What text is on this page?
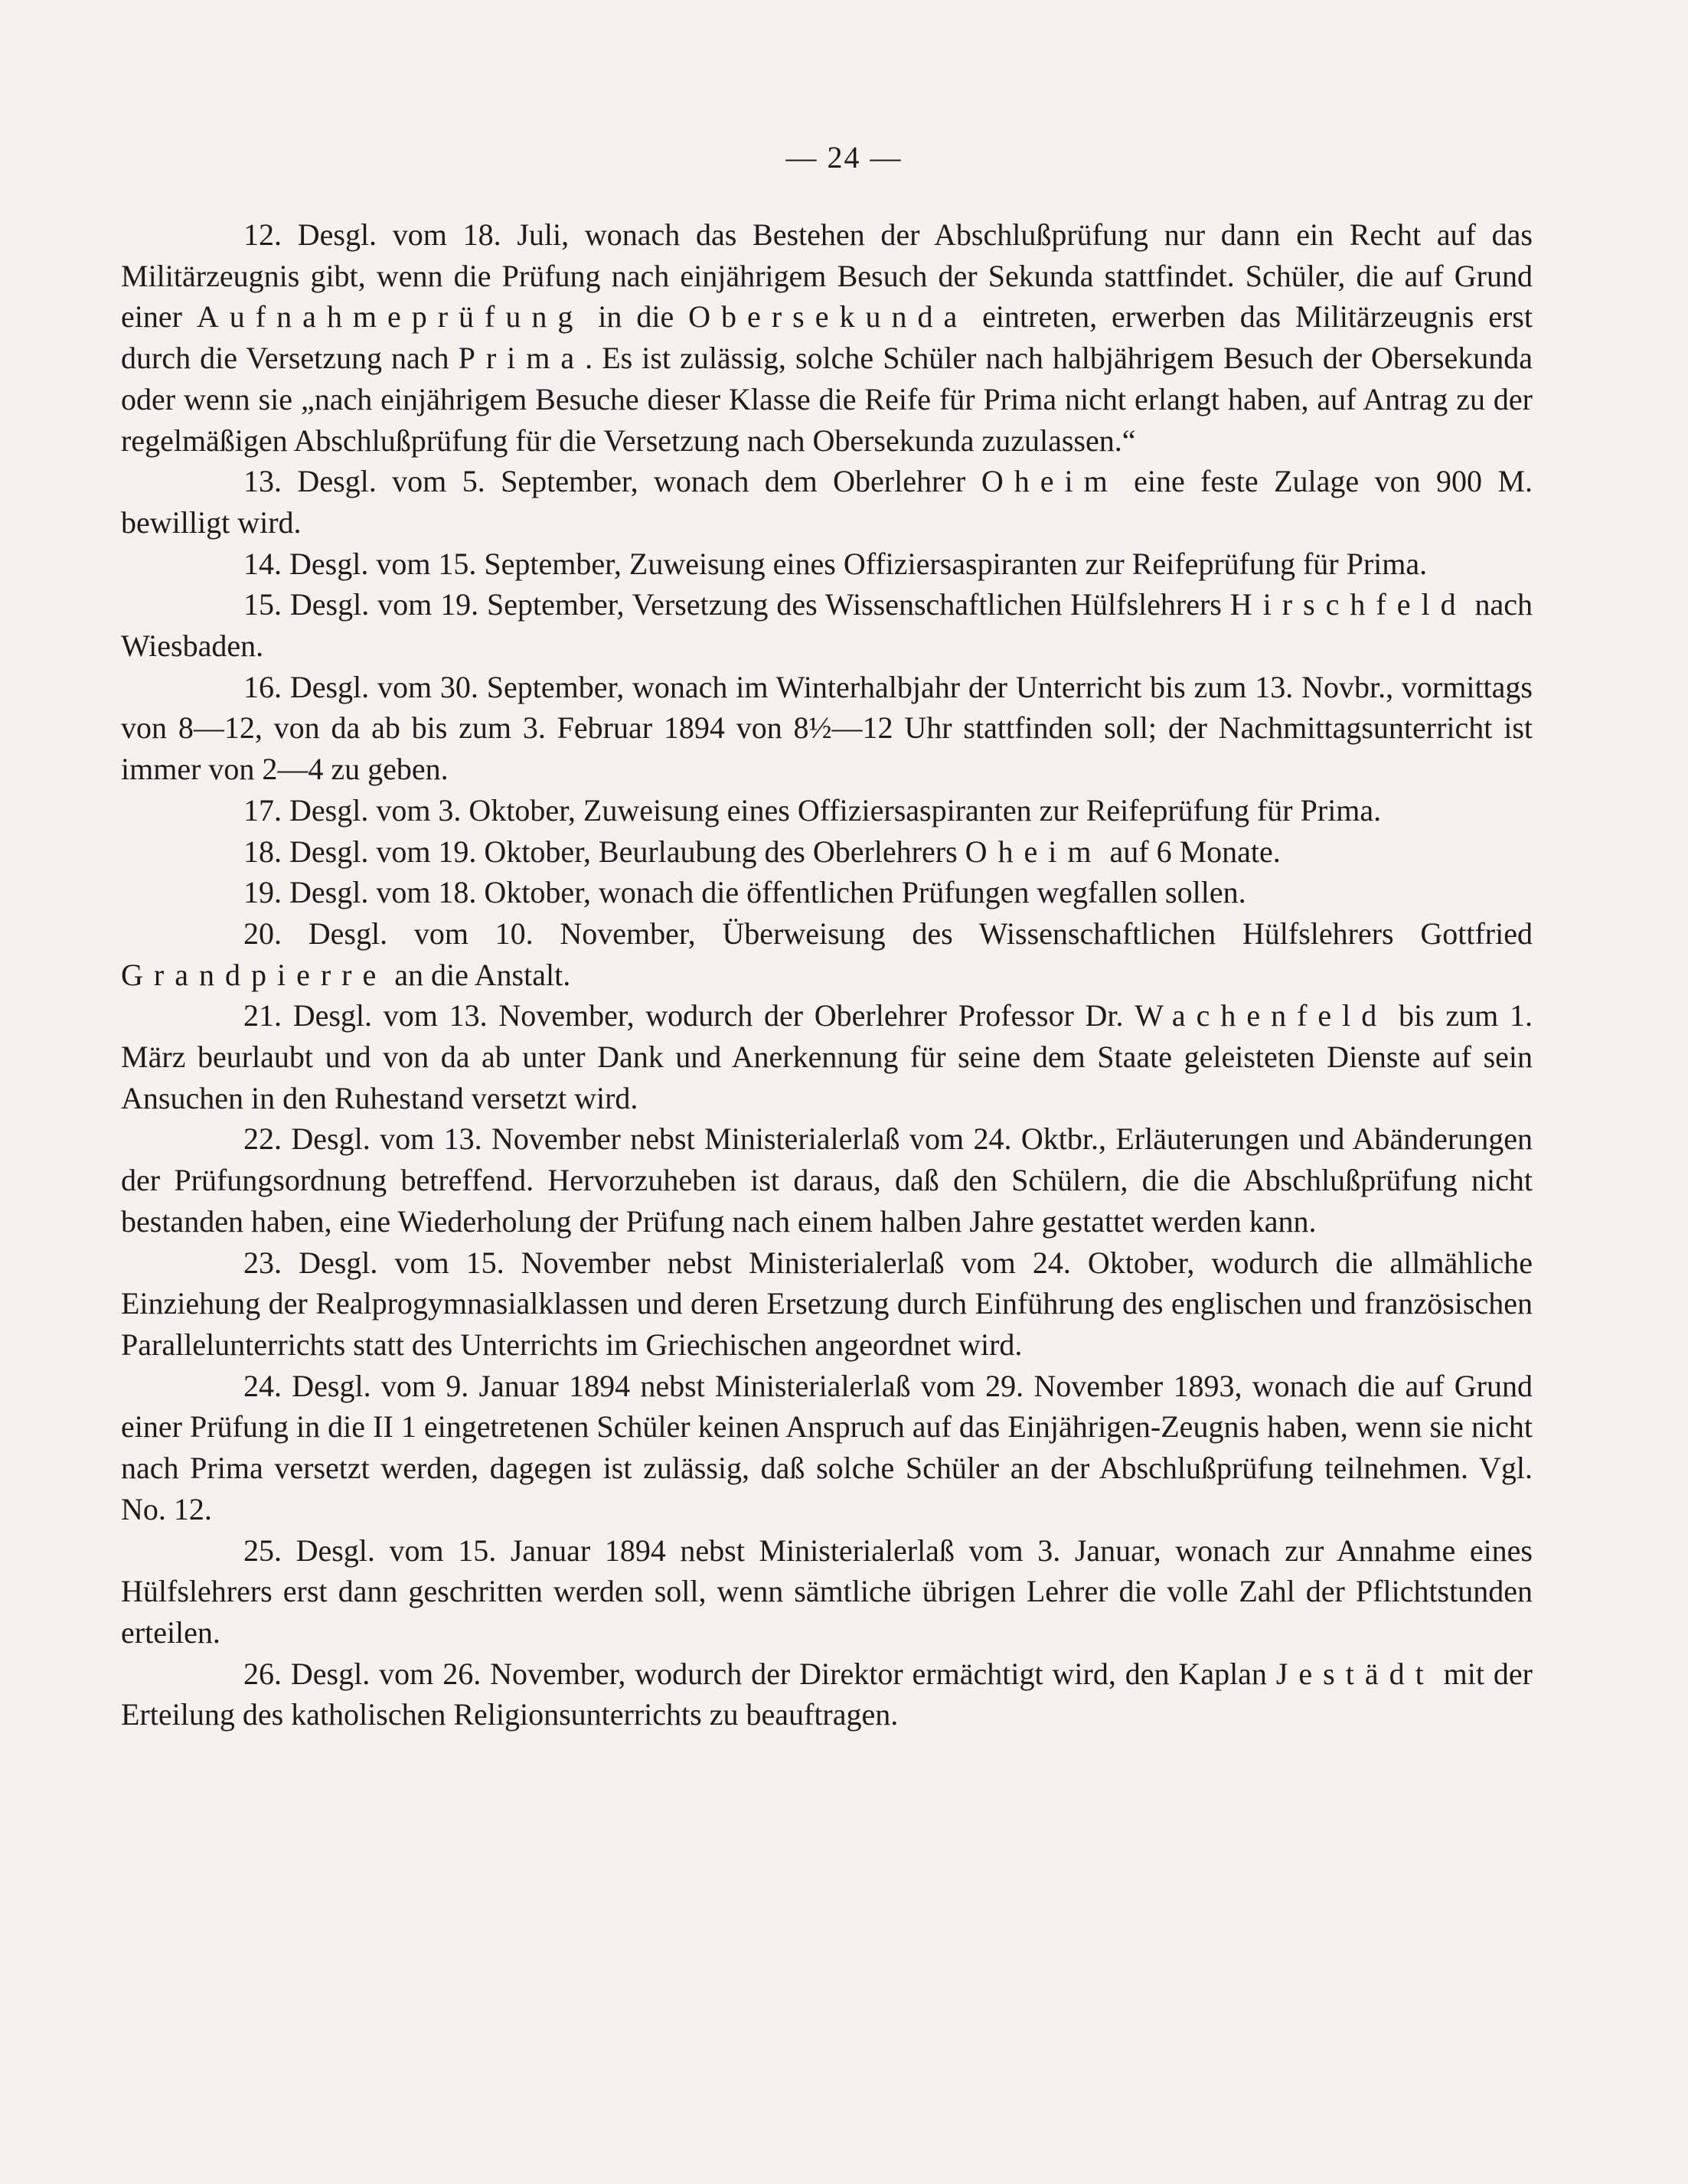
— 24 —

12. Desgl. vom 18. Juli, wonach das Bestehen der Abschlußprüfung nur dann ein Recht auf das Militärzeugnis gibt, wenn die Prüfung nach einjährigem Besuch der Sekunda stattfindet. Schüler, die auf Grund einer Aufnahmeprüfung in die Obersekunda eintreten, erwerben das Militärzeugnis erst durch die Versetzung nach Prima. Es ist zulässig, solche Schüler nach halbjährigem Besuch der Obersekunda oder wenn sie „nach einjährigem Besuche dieser Klasse die Reife für Prima nicht erlangt haben, auf Antrag zu der regelmäßigen Abschlußprüfung für die Versetzung nach Obersekunda zuzulassen.“

13. Desgl. vom 5. September, wonach dem Oberlehrer Oheim eine feste Zulage von 900 M. bewilligt wird.

14. Desgl. vom 15. September, Zuweisung eines Offiziersaspiranten zur Reifeprüfung für Prima.

15. Desgl. vom 19. September, Versetzung des Wissenschaftlichen Hülfslehrers Hirschfeld nach Wiesbaden.

16. Desgl. vom 30. September, wonach im Winterhalbjahr der Unterricht bis zum 13. Novbr., vormittags von 8—12, von da ab bis zum 3. Februar 1894 von 8½—12 Uhr stattfinden soll; der Nachmittagsunterricht ist immer von 2—4 zu geben.

17. Desgl. vom 3. Oktober, Zuweisung eines Offiziersaspiranten zur Reifeprüfung für Prima.

18. Desgl. vom 19. Oktober, Beurlaubung des Oberlehrers Oheim auf 6 Monate.

19. Desgl. vom 18. Oktober, wonach die öffentlichen Prüfungen wegfallen sollen.

20. Desgl. vom 10. November, Überweisung des Wissenschaftlichen Hülfslehrers Gottfried Grandpierre an die Anstalt.

21. Desgl. vom 13. November, wodurch der Oberlehrer Professor Dr. Wachenfeld bis zum 1. März beurlaubt und von da ab unter Dank und Anerkennung für seine dem Staate geleisteten Dienste auf sein Ansuchen in den Ruhestand versetzt wird.

22. Desgl. vom 13. November nebst Ministerialerlaß vom 24. Oktbr., Erläuterungen und Abänderungen der Prüfungsordnung betreffend. Hervorzuheben ist daraus, daß den Schülern, die die Abschlußprüfung nicht bestanden haben, eine Wiederholung der Prüfung nach einem halben Jahre gestattet werden kann.

23. Desgl. vom 15. November nebst Ministerialerlaß vom 24. Oktober, wodurch die allmähliche Einziehung der Realprogymnasialklassen und deren Ersetzung durch Einführung des englischen und französischen Parallelunterrichts statt des Unterrichts im Griechischen angeordnet wird.

24. Desgl. vom 9. Januar 1894 nebst Ministerialerlaß vom 29. November 1893, wonach die auf Grund einer Prüfung in die II 1 eingetretenen Schüler keinen Anspruch auf das Einjährigen-Zeugnis haben, wenn sie nicht nach Prima versetzt werden, dagegen ist zulässig, daß solche Schüler an der Abschlußprüfung teilnehmen. Vgl. No. 12.

25. Desgl. vom 15. Januar 1894 nebst Ministerialerlaß vom 3. Januar, wonach zur Annahme eines Hülfslehrers erst dann geschritten werden soll, wenn sämtliche übrigen Lehrer die volle Zahl der Pflichtstunden erteilen.

26. Desgl. vom 26. November, wodurch der Direktor ermächtigt wird, den Kaplan Jestädt mit der Erteilung des katholischen Religionsunterrichts zu beauftragen.
